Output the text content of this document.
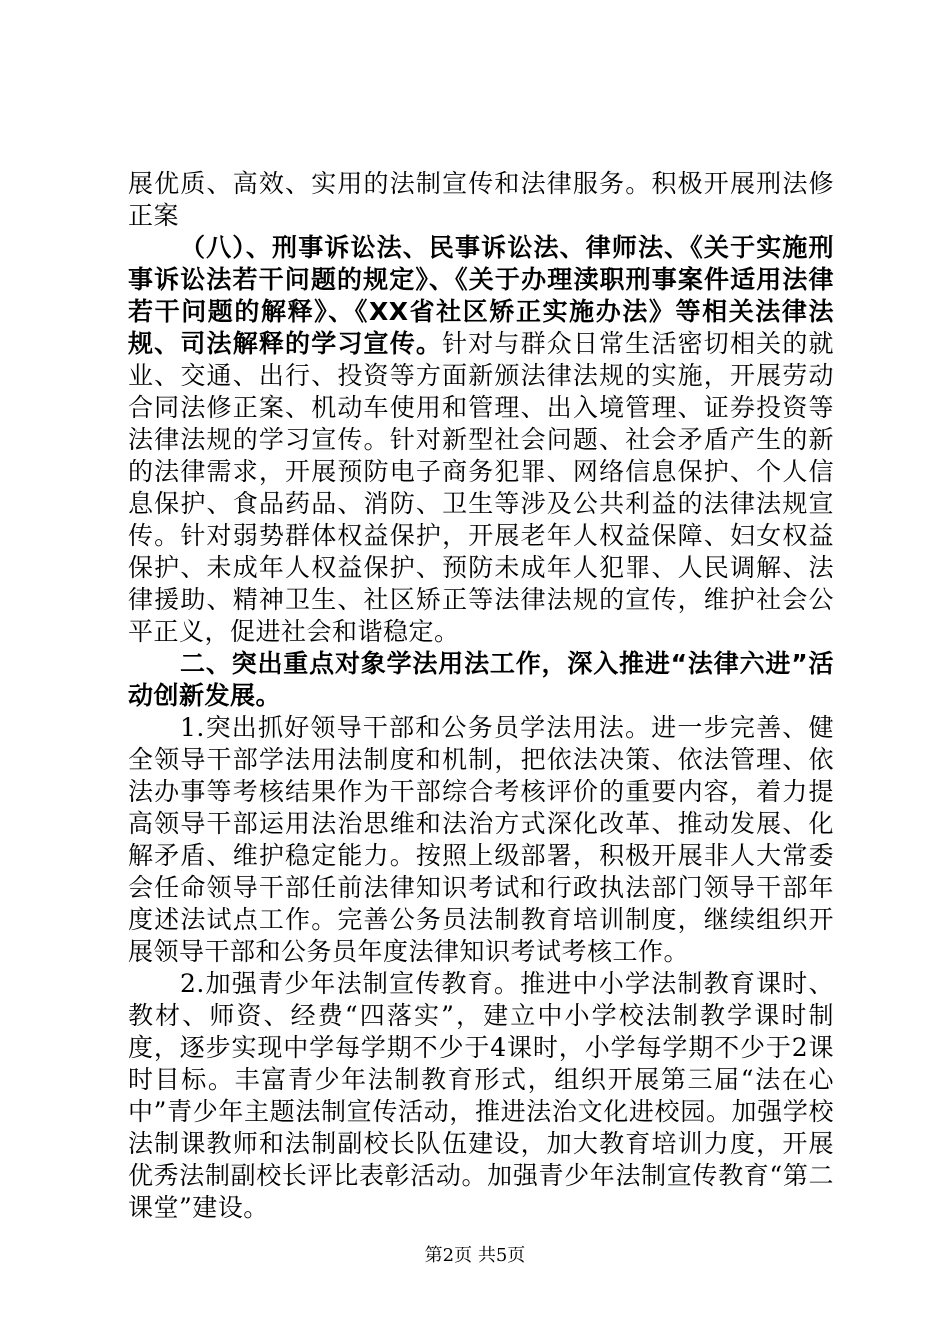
展优质、高效、实用的法制宣传和法律服务。积极开展刑法修正案

（八）、刑事诉讼法、民事诉讼法、律师法、《关于实施刑事诉讼法若干问题的规定》、《关于办理渎职刑事案件适用法律若干问题的解释》、《XX省社区矫正实施办法》等相关法律法规、司法解释的学习宣传。针对与群众日常生活密切相关的就业、交通、出行、投资等方面新颁法律法规的实施，开展劳动合同法修正案、机动车使用和管理、出入境管理、证券投资等法律法规的学习宣传。针对新型社会问题、社会矛盾产生的新的法律需求，开展预防电子商务犯罪、网络信息保护、个人信息保护、食品药品、消防、卫生等涉及公共利益的法律法规宣传。针对弱势群体权益保护，开展老年人权益保障、妇女权益保护、未成年人权益保护、预防未成年人犯罪、人民调解、法律援助、精神卫生、社区矫正等法律法规的宣传，维护社会公平正义，促进社会和谐稳定。

二、突出重点对象学法用法工作，深入推进“法律六进”活动创新发展。

1.突出抓好领导干部和公务员学法用法。进一步完善、健全领导干部学法用法制度和机制，把依法决策、依法管理、依法办事等考核结果作为干部综合考核评价的重要内容，着力提高领导干部运用法治思维和法治方式深化改革、推动发展、化解矛盾、维护稳定能力。按照上级部署，积极开展非人大常委会任命领导干部任前法律知识考试和行政执法部门领导干部年度述法试点工作。完善公务员法制教育培训制度，继续组织开展领导干部和公务员年度法律知识考试考核工作。

2.加强青少年法制宣传教育。推进中小学法制教育课时、教材、师资、经费“四落实”，建立中小学校法制教学课时制度，逐步实现中学每学期不少于4课时，小学每学期不少于2课时目标。丰富青少年法制教育形式，组织开展第三届“法在心中”青少年主题法制宣传活动，推进法治文化进校园。加强学校法制课教师和法制副校长队伍建设，加大教育培训力度，开展优秀法制副校长评比表彰活动。加强青少年法制宣传教育“第二课堂”建设。

第2页 共5页
